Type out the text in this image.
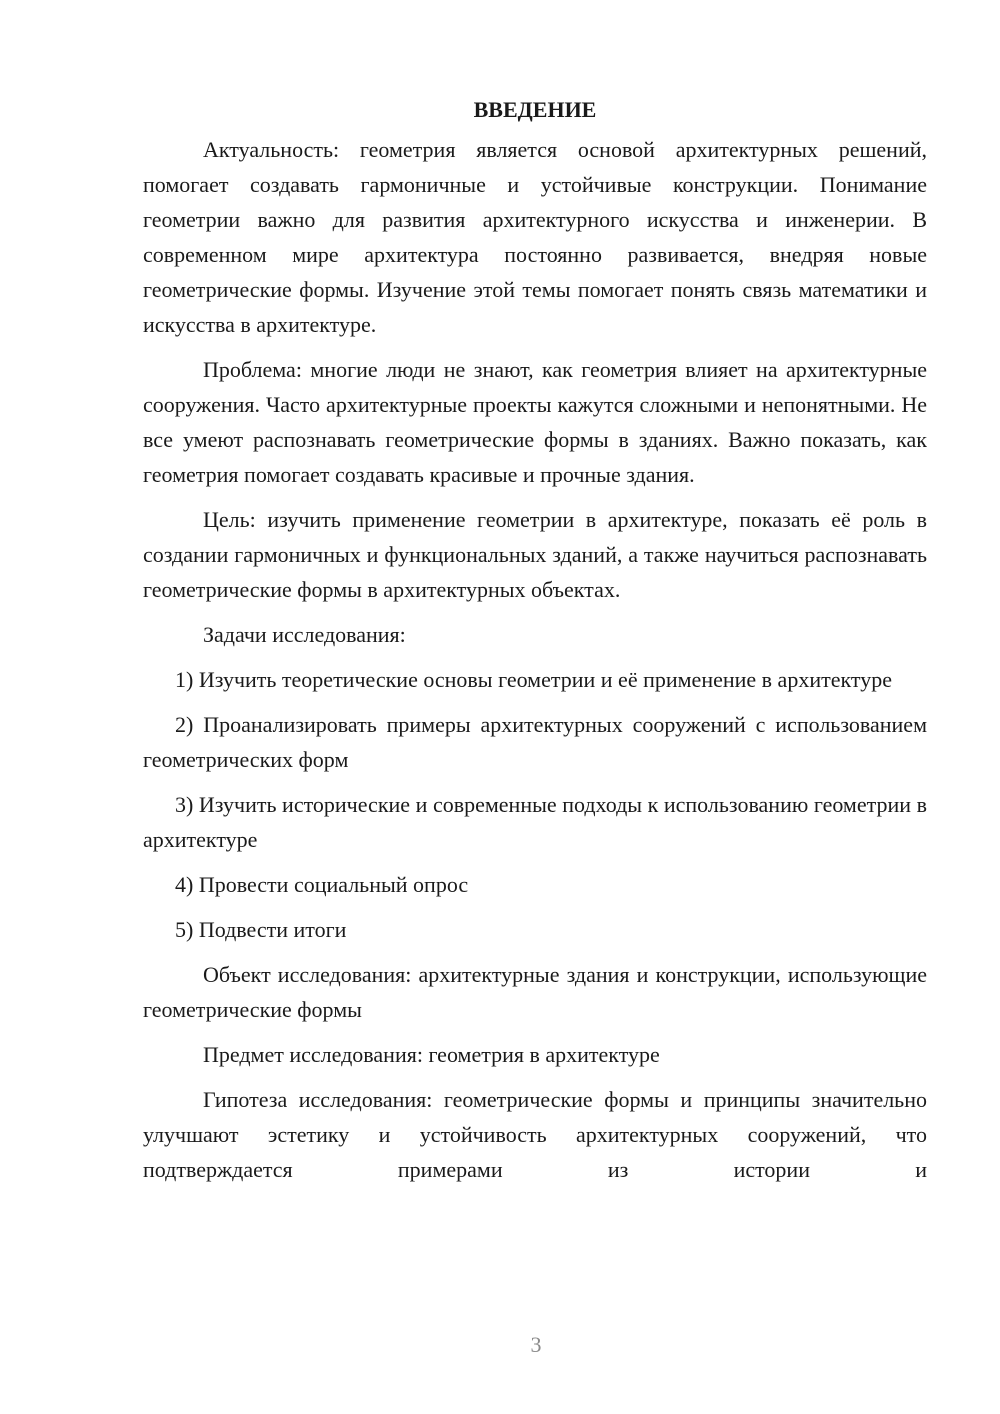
ВВЕДЕНИЕ

Актуальность: геометрия является основой архитектурных решений, помогает создавать гармоничные и устойчивые конструкции. Понимание геометрии важно для развития архитектурного искусства и инженерии. В современном мире архитектура постоянно развивается, внедряя новые геометрические формы. Изучение этой темы помогает понять связь математики и искусства в архитектуре.

Проблема: многие люди не знают, как геометрия влияет на архитектурные сооружения. Часто архитектурные проекты кажутся сложными и непонятными. Не все умеют распознавать геометрические формы в зданиях. Важно показать, как геометрия помогает создавать красивые и прочные здания.

Цель: изучить применение геометрии в архитектуре, показать её роль в создании гармоничных и функциональных зданий, а также научиться распознавать геометрические формы в архитектурных объектах.

Задачи исследования:

1) Изучить теоретические основы геометрии и её применение в архитектуре

2) Проанализировать примеры архитектурных сооружений с использованием геометрических форм

3) Изучить исторические и современные подходы к использованию геометрии в архитектуре

4) Провести социальный опрос

5) Подвести итоги

Объект исследования: архитектурные здания и конструкции, использующие геометрические формы

Предмет исследования: геометрия в архитектуре

Гипотеза исследования: геометрические формы и принципы значительно улучшают эстетику и устойчивость архитектурных сооружений, что подтверждается примерами из истории и

3
